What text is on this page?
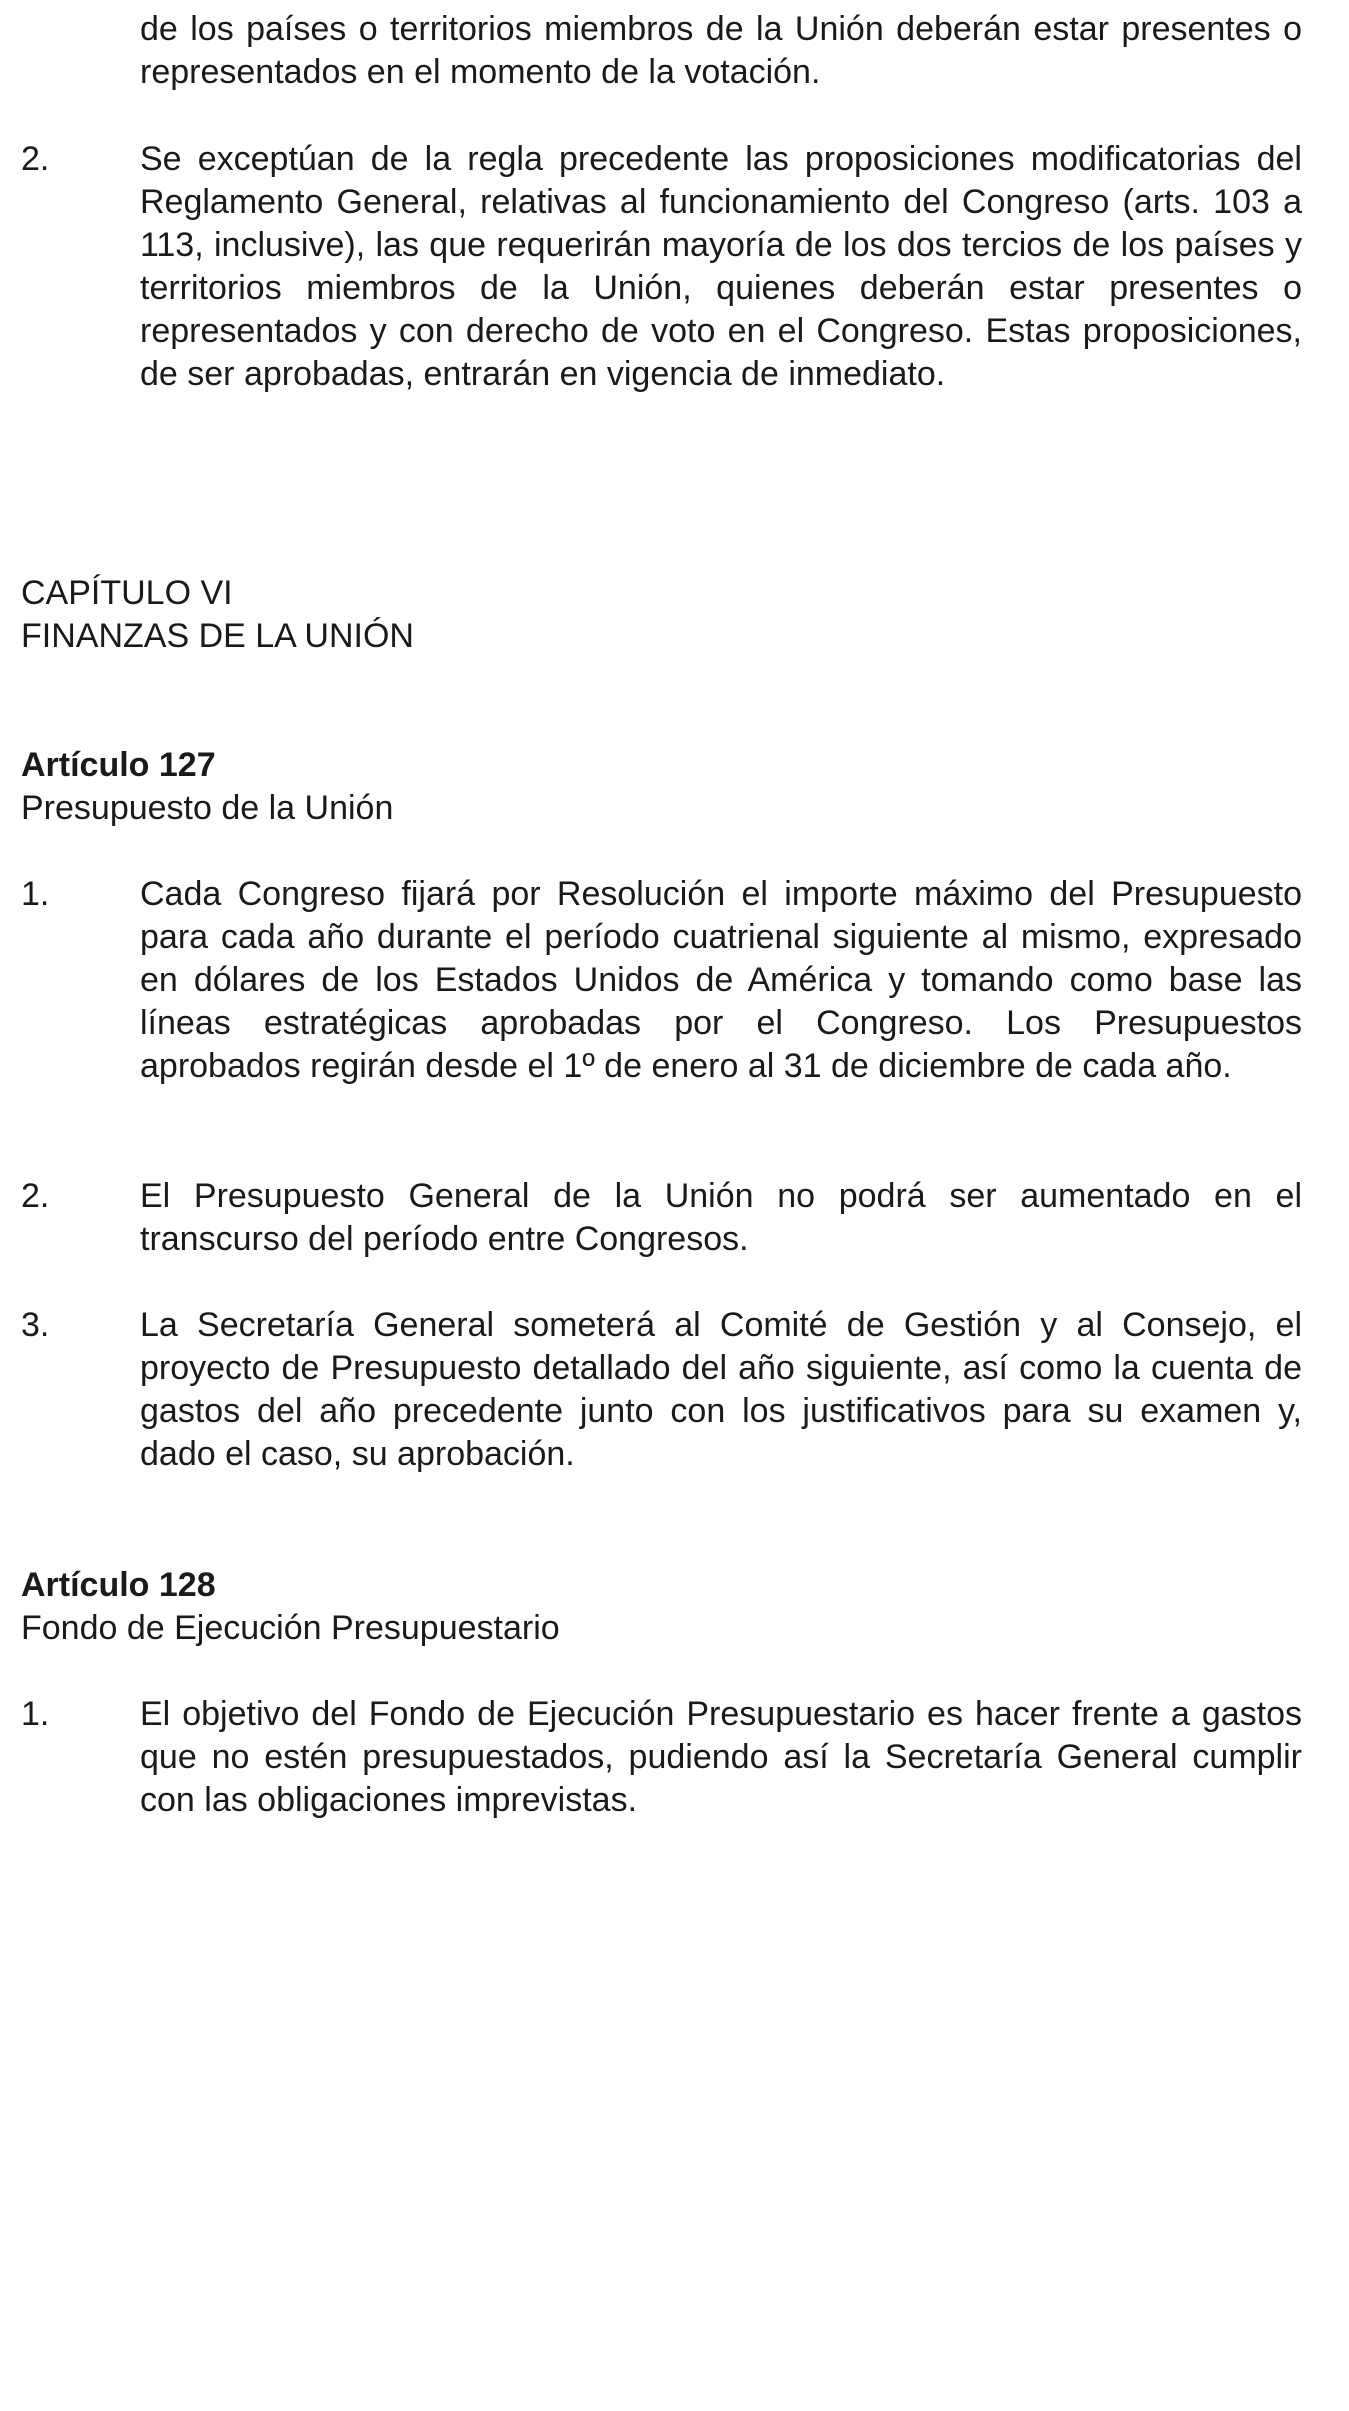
de los países o territorios miembros de la Unión deberán estar presentes o representados en el momento de la votación.

2.	Se exceptúan de la regla precedente las proposiciones modificatorias del Reglamento General, relativas al funcionamiento del Congreso (arts. 103 a 113, inclusive), las que requerirán mayoría de los dos tercios de los países y territorios miembros de la Unión, quienes deberán estar presentes o representados y con derecho de voto en el Congreso. Estas proposiciones, de ser aprobadas, entrarán en vigencia de inmediato.

CAPÍTULO VI

FINANZAS DE LA UNIÓN

Artículo 127

Presupuesto de la Unión

1.	Cada Congreso fijará por Resolución el importe máximo del Presupuesto para cada año durante el período cuatrienal siguiente al mismo, expresado en dólares de los Estados Unidos de América y tomando como base las líneas estratégicas aprobadas por el Congreso. Los Presupuestos aprobados regirán desde el 1º de enero al 31 de diciembre de cada año.

2.	El Presupuesto General de la Unión no podrá ser aumentado en el transcurso del período entre Congresos.

3.	La Secretaría General someterá al Comité de Gestión y al Consejo, el proyecto de Presupuesto detallado del año siguiente, así como la cuenta de gastos del año precedente junto con los justificativos para su examen y, dado el caso, su aprobación.

Artículo 128

Fondo de Ejecución Presupuestario

1.	El objetivo del Fondo de Ejecución Presupuestario es hacer frente a gastos que no estén presupuestados, pudiendo así la Secretaría General cumplir con las obligaciones imprevistas.
